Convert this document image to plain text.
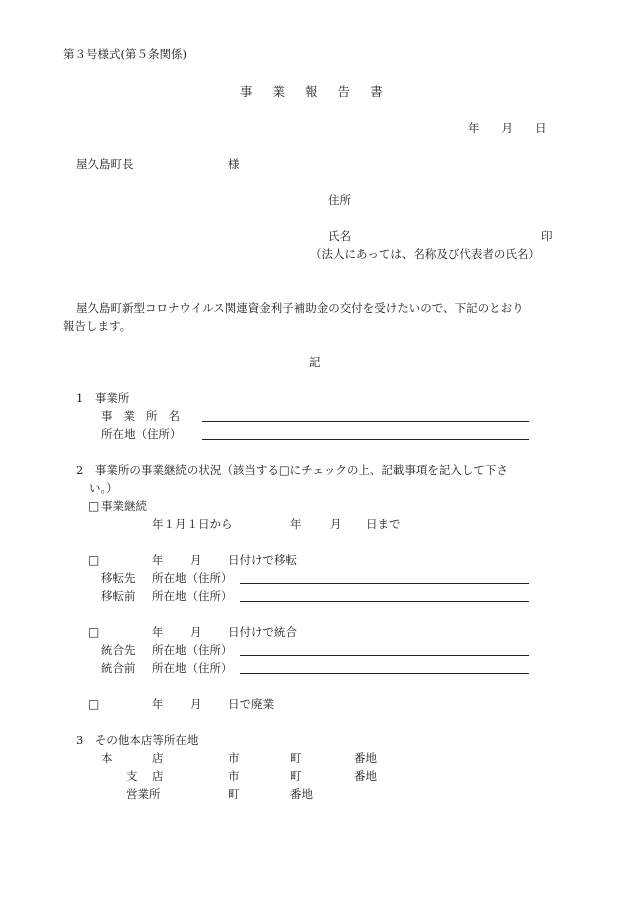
第３号様式(第５条関係)
事 業 報 告 書
年 月 日
屋久島町長	様
住所
氏名	印
（法人にあっては、名称及び代表者の氏名）
屋久島町新型コロナウイルス関連資金利子補助金の交付を受けたいので、下記のとおり
報告します。
記
1　事業所
事 業 所 名
所在地（住所）
2　事業所の事業継続の状況（該当する□にチェックの上、記載事項を記入して下さ
い。）
□ 事業継続
年１月１日から	年 月 日まで
□	年 月 日付けで移転
移転先 所在地（住所）
移転前 所在地（住所）
□	年 月 日付けで統合
統合先 所在地（住所）
統合前 所在地（住所）
□	年 月 日で廃業
3　その他本店等所在地
本	店	市	町	番地
支 店	市	町	番地
営業所	町	番地
